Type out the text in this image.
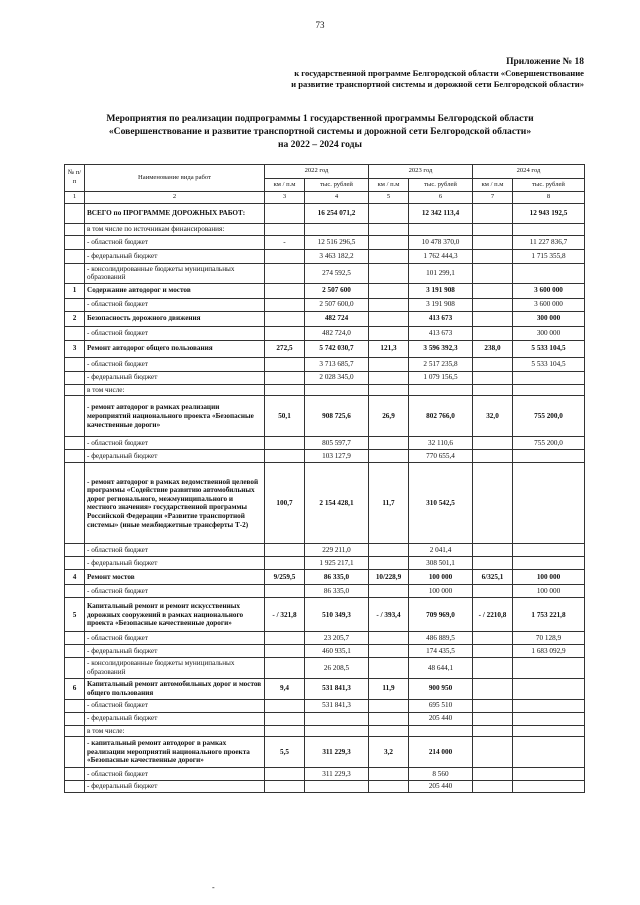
73
Приложение № 18
к государственной программе Белгородской области «Совершенствование
и развитие транспортной системы и дорожной сети Белгородской области»
Мероприятия по реализации подпрограммы 1 государственной программы Белгородской области
«Совершенствование и развитие транспортной системы и дорожной сети Белгородской области»
на 2022 – 2024 годы
№ п/п	Наименование вида работ	2022 год		2023 год		2024 год	
		км / п.м	тыс. рублей	км / п.м	тыс. рублей	км / п.м	тыс. рублей
1	2	3	4	5	6	7	8
	ВСЕГО по ПРОГРАММЕ ДОРОЖНЫХ РАБОТ:		16 254 071,2		12 342 113,4		12 943 192,5
	в том числе по источникам финансирования:						
	- областной бюджет	-	12 516 296,5		10 478 370,0		11 227 836,7
	- федеральный бюджет		3 463 182,2		1 762 444,3		1 715 355,8
	- консолидированные бюджеты муниципальных образований		274 592,5		101 299,1		
1	Содержание автодорог и мостов		2 507 600		3 191 908		3 600 000
	- областной бюджет		2 507 600,0		3 191 908		3 600 000
2	Безопасность дорожного движения		482 724		413 673		300 000
	- областной бюджет		482 724,0		413 673		300 000
3	Ремонт автодорог общего пользования	272,5	5 742 030,7	121,3	3 596 392,3	238,0	5 533 104,5
	- областной бюджет		3 713 685,7		2 517 235,8		5 533 104,5
	- федеральный бюджет		2 028 345,0		1 079 156,5		
	в том числе:						
	- ремонт автодорог в рамках реализации мероприятий национального проекта «Безопасные качественные дороги»	50,1	908 725,6	26,9	802 766,0	32,0	755 200,0
	- областной бюджет		805 597,7		32 110,6		755 200,0
	- федеральный бюджет		103 127,9		770 655,4		
	- ремонт автодорог в рамках ведомственной целевой программы «Содействие развитию автомобильных дорог регионального, межмуниципального и местного значения» государственной программы Российской Федерации «Развитие транспортной системы» (иные межбюджетные трансферты Т-2)	100,7	2 154 428,1	11,7	310 542,5		
	- областной бюджет		229 211,0		2 041,4		
	- федеральный бюджет		1 925 217,1		308 501,1		
4	Ремонт мостов	9/259,5	86 335,0	10/228,9	100 000	6/325,1	100 000
	- областной бюджет		86 335,0		100 000		100 000
5	Капитальный ремонт и ремонт искусственных дорожных сооружений в рамках национального проекта «Безопасные качественные дороги»	- / 321,8	510 349,3	- / 393,4	709 969,0	- / 2210,8	1 753 221,8
	- областной бюджет		23 205,7		486 889,5		70 128,9
	- федеральный бюджет		460 935,1		174 435,5		1 683 092,9
	- консолидированные бюджеты муниципальных образований		26 208,5		48 644,1		
6	Капитальный ремонт автомобильных дорог и мостов общего пользования	9,4	531 841,3	11,9	900 950		
	- областной бюджет		531 841,3		695 510		
	- федеральный бюджет				205 440		
	в том числе:						
	- капитальный ремонт автодорог в рамках реализации мероприятий национального проекта «Безопасные качественные дороги»	5,5	311 229,3	3,2	214 000		
	- областной бюджет		311 229,3		8 560		
	- федеральный бюджет				205 440		
-
